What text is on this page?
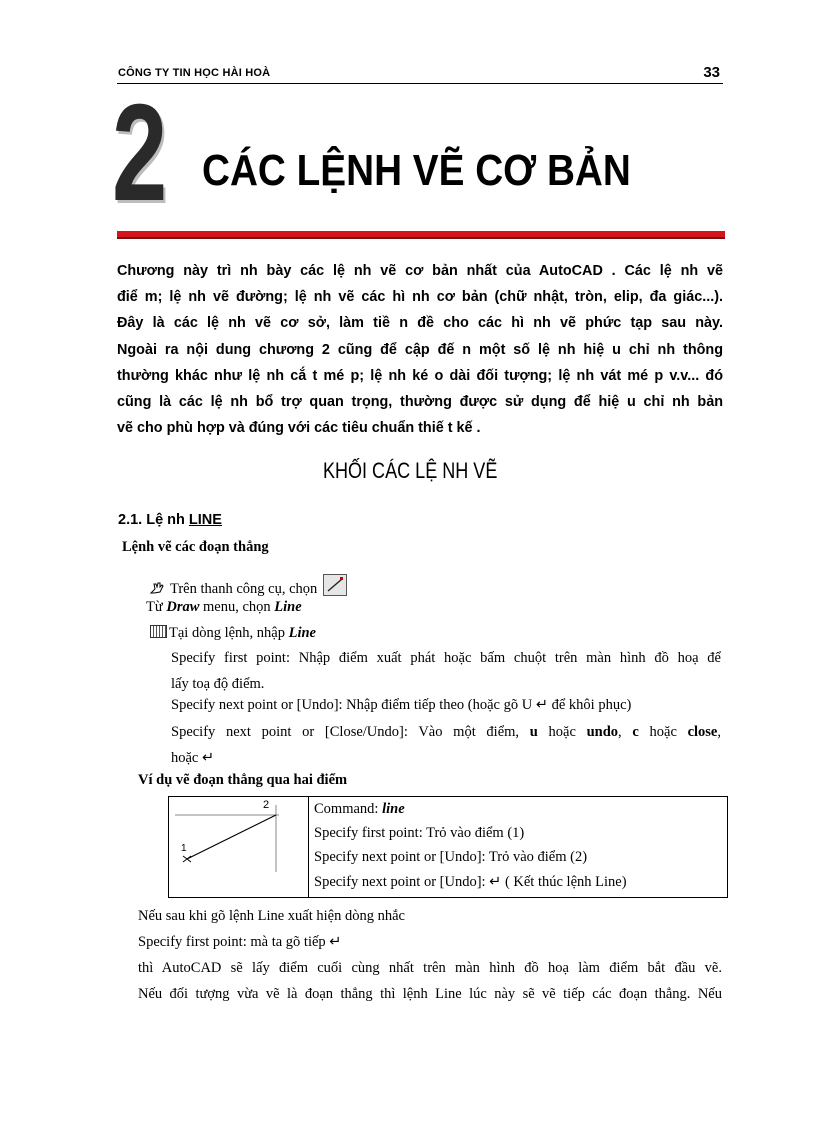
CÔNG TY TIN HỌC HÀI HOÀ	33
2 CÁC LỆNH VẼ CƠ BẢN
Chương này trì nh bày các lệ nh vẽ cơ bản nhất của AutoCAD . Các lệ nh vẽ
điể m; lệ nh vẽ đường; lệ nh vẽ các hì nh cơ bản (chữ nhật, tròn, elip, đa giác...).
Đây là các lệ nh vẽ cơ sở, làm tiề n đề cho các hì nh vẽ phức tạp sau này.
Ngoài ra nội dung chương 2 cũng để cập đế n một số lệ nh hiệ u chỉ nh thông
thường khác như lệ nh cắ t mé p; lệ nh ké o dài đối tượng; lệ nh vát mé p v.v... đó
cũng là các lệ nh bổ trợ quan trọng, thường được sử dụng để hiệ u chỉ nh bản
vẽ cho phù hợp và đúng với các tiêu chuẩn thiế t kế .
KHỐI CÁC LỆ NH VẼ
2.1. Lệ nh LINE
Lệnh vẽ các đoạn thẳng
Trên thanh công cụ, chọn
Từ Draw menu, chọn Line
Tại dòng lệnh, nhập Line
Specify first point: Nhập điểm xuất phát hoặc bấm chuột trên màn hình đồ hoạ để
lấy toạ độ điểm.
Specify next point or [Undo]: Nhập điểm tiếp theo (hoặc gõ U ↵ để khôi phục)
Specify next point or [Close/Undo]: Vào một điểm, u hoặc undo, c hoặc close,
hoặc ↵
Ví dụ vẽ đoạn thẳng qua hai điểm
2
1
Command: line
Specify first point: Trỏ vào điểm (1)
Specify next point or [Undo]: Trỏ vào điểm (2)
Specify next point or [Undo]: ↵ ( Kết thúc lệnh Line)
Nếu sau khi gõ lệnh Line xuất hiện dòng nhắc
Specify first point: mà ta gõ tiếp ↵
thì AutoCAD sẽ lấy điểm cuối cùng nhất trên màn hình đồ hoạ làm điểm bắt đầu vẽ.
Nếu đối tượng vừa vẽ là đoạn thẳng thì lệnh Line lúc này sẽ vẽ tiếp các đoạn thẳng. Nếu
